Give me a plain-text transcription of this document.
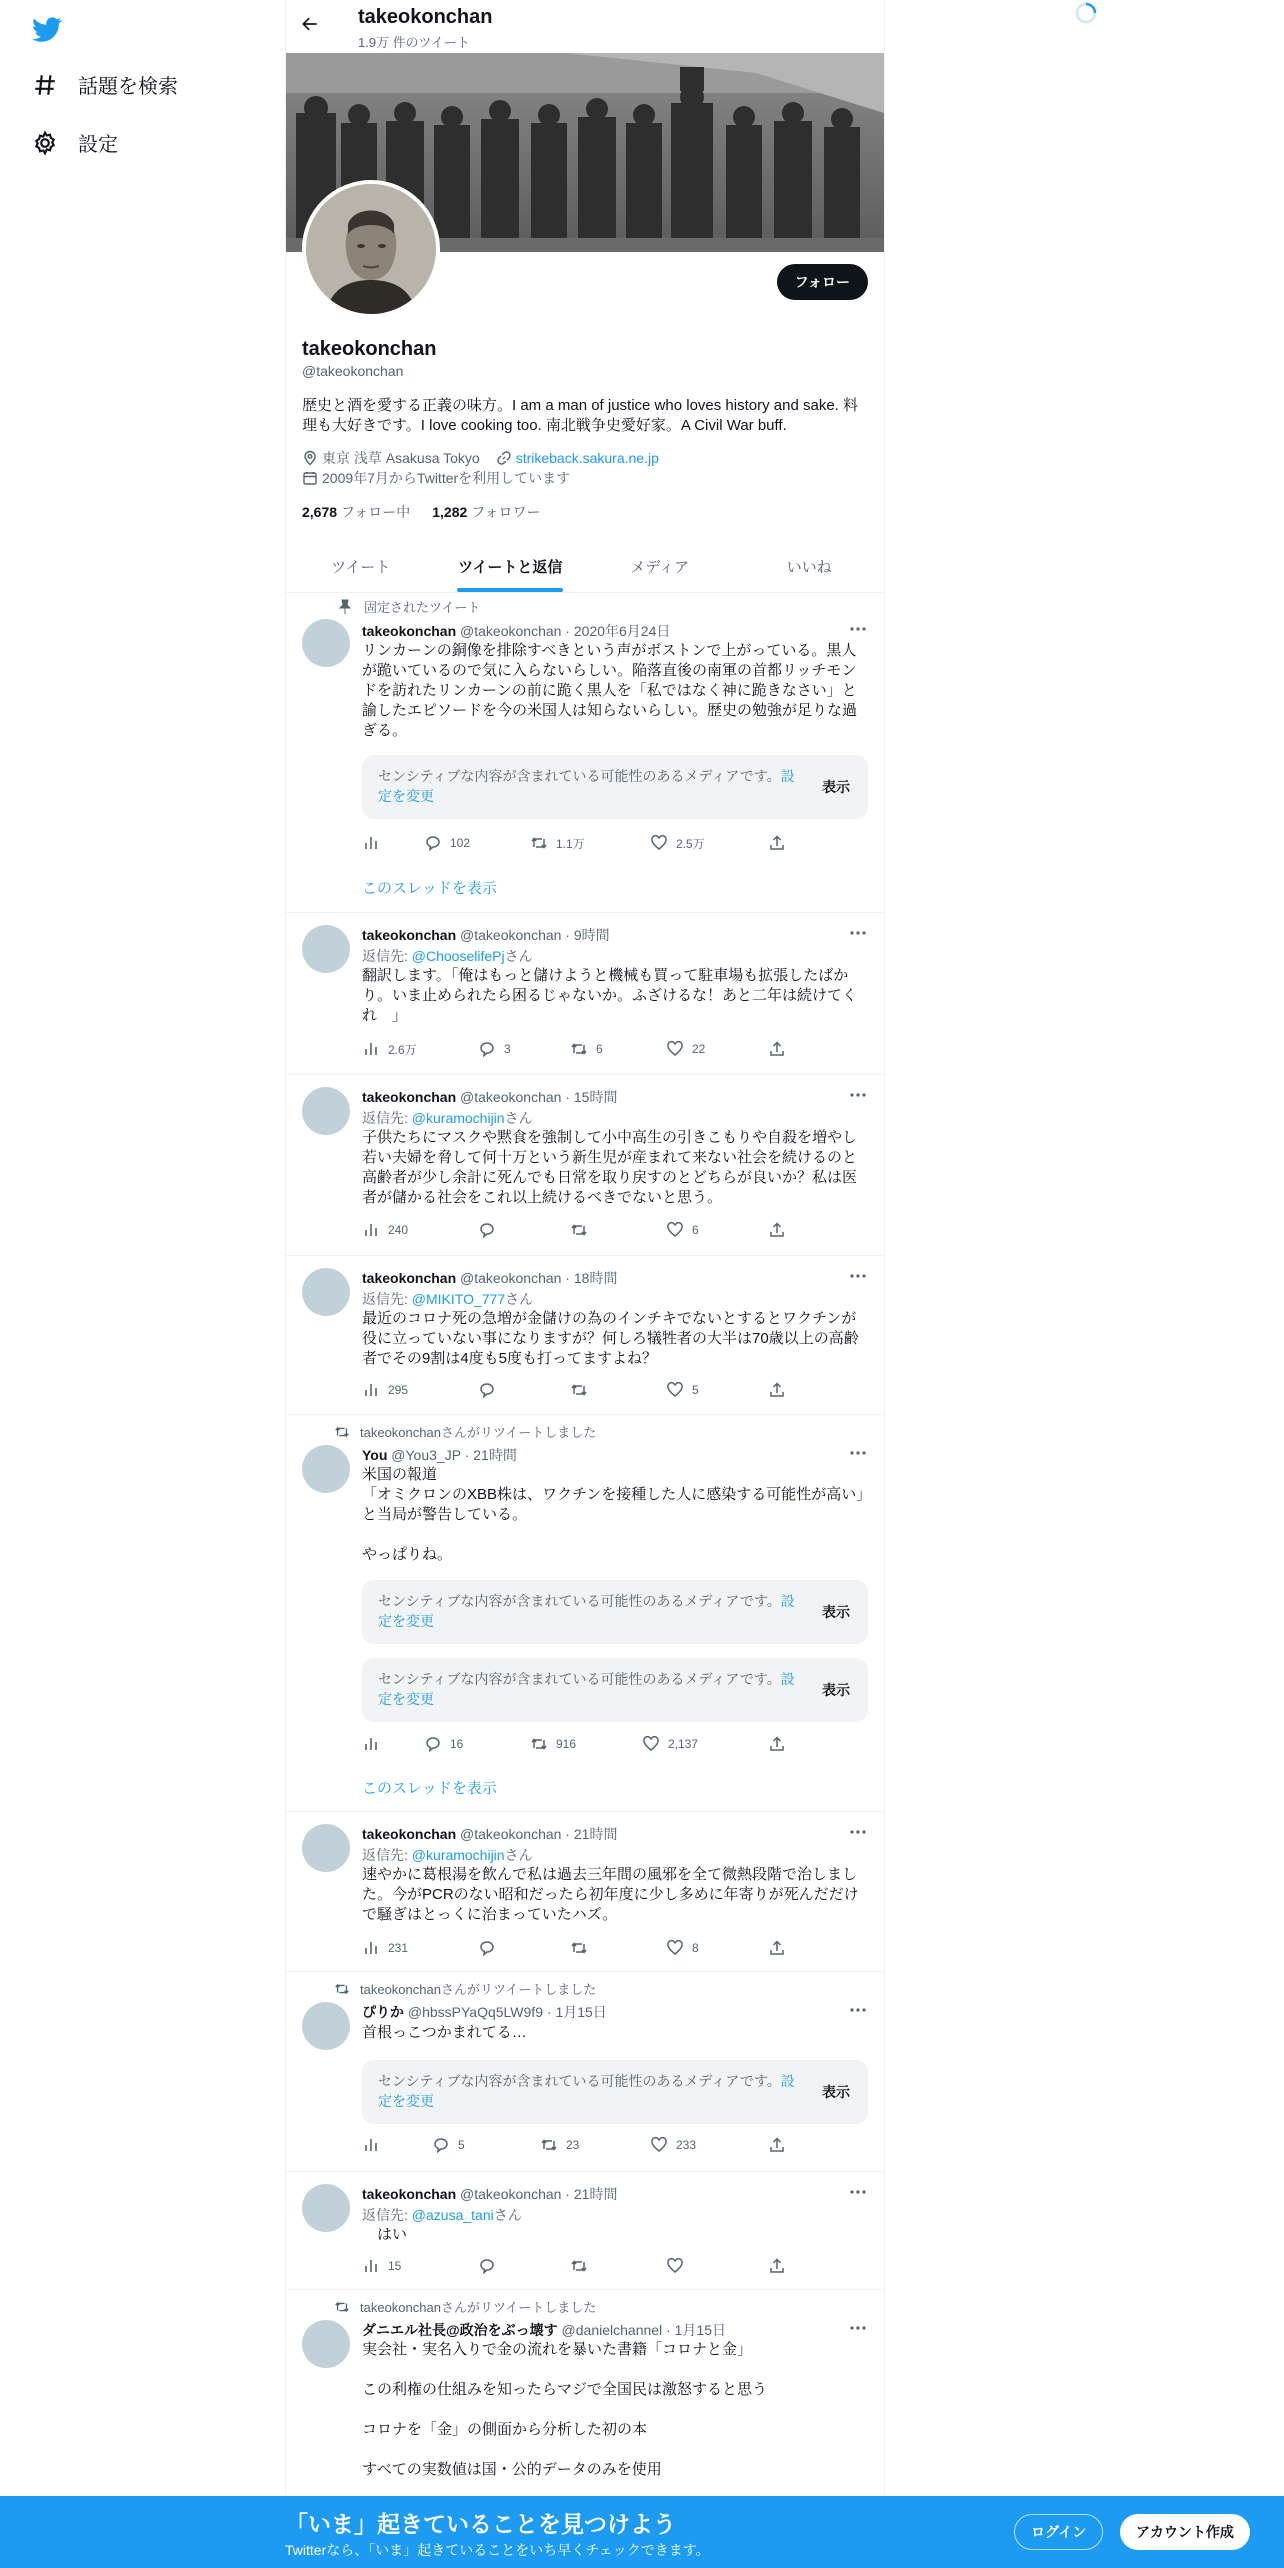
話題を検索
設定
takeokonchan
1.9万 件のツイート
フォロー
takeokonchan
@takeokonchan
歴史と酒を愛する正義の味方。I am a man of justice who loves history and sake. 料理も大好きです。I love cooking too. 南北戦争史愛好家。A Civil War buff.
東京 浅草 Asakusa Tokyo	strikeback.sakura.ne.jp
2009年7月からTwitterを利用しています
2,678 フォロー中 1,282 フォロワー
ツイート	ツイートと返信	メディア	いいね
固定されたツイート
takeokonchan @takeokonchan · 2020年6月24日
リンカーンの銅像を排除すべきという声がボストンで上がっている。黒人が跪いているので気に入らないらしい。陥落直後の南軍の首都リッチモンドを訪れたリンカーンの前に跪く黒人を「私ではなく神に跪きなさい」と諭したエピソードを今の米国人は知らないらしい。歴史の勉強が足りな過ぎる。
センシティブな内容が含まれている可能性のあるメディアです。設定を変更
表示
102	1.1万	2.5万
このスレッドを表示
takeokonchan @takeokonchan · 9時間
返信先: @ChooselifePjさん
翻訳します。「俺はもっと儲けようと機械も買って駐車場も拡張したばかり。いま止められたら困るじゃないか。ふざけるな！あと二年は続けてくれ　」
2.6万	3	6	22
takeokonchan @takeokonchan · 15時間
返信先: @kuramochijinさん
子供たちにマスクや黙食を強制して小中高生の引きこもりや自殺を増やし若い夫婦を脅して何十万という新生児が産まれて来ない社会を続けるのと高齢者が少し余計に死んでも日常を取り戻すのとどちらが良いか？私は医者が儲かる社会をこれ以上続けるべきでないと思う。
240	6
takeokonchan @takeokonchan · 18時間
返信先: @MIKITO_777さん
最近のコロナ死の急増が金儲けの為のインチキでないとするとワクチンが役に立っていない事になりますが？何しろ犠牲者の大半は70歳以上の高齢者でその9割は4度も5度も打ってますよね？
295	5
takeokonchanさんがリツイートしました
You @You3_JP · 21時間
米国の報道
「オミクロンのXBB株は、ワクチンを接種した人に感染する可能性が高い」と当局が警告している。

やっぱりね。
センシティブな内容が含まれている可能性のあるメディアです。設定を変更
表示
センシティブな内容が含まれている可能性のあるメディアです。設定を変更
表示
16	916	2,137
このスレッドを表示
takeokonchan @takeokonchan · 21時間
返信先: @kuramochijinさん
速やかに葛根湯を飲んで私は過去三年間の風邪を全て微熱段階で治しました。今がPCRのない昭和だったら初年度に少し多めに年寄りが死んだだけで騒ぎはとっくに治まっていたハズ。
231	8
takeokonchanさんがリツイートしました
ぴりか @hbssPYaQq5LW9f9 · 1月15日
首根っこつかまれてる…
センシティブな内容が含まれている可能性のあるメディアです。設定を変更
表示
5	23	233
takeokonchan @takeokonchan · 21時間
返信先: @azusa_taniさん
　はい
15
takeokonchanさんがリツイートしました
ダニエル社長@政治をぶっ壊す @danielchannel · 1月15日
実会社・実名入りで金の流れを暴いた書籍「コロナと金」

この利権の仕組みを知ったらマジで全国民は激怒すると思う

コロナを「金」の側面から分析した初の本

すべての実数値は国・公的データのみを使用
「いま」起きていることを見つけよう
Twitterなら、「いま」起きていることをいち早くチェックできます。
ログイン	アカウント作成
